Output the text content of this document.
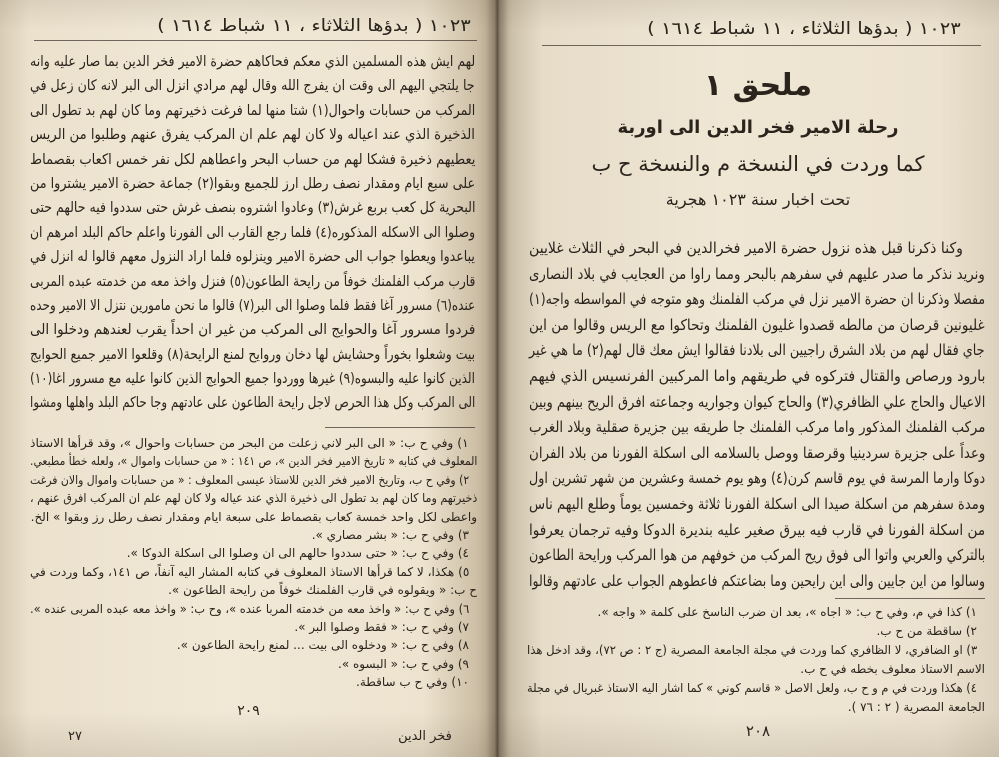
١٠٢٣ ( بدؤها الثلاثاء ، ١١ شباط ١٦١٤ )
لهم ايش هذه المسلمين الذي معكم فحاكاهم حضرة الامير فخر الدين بما صار عليه وانه
جا يلتجي اليهم الى وقت ان يفرج الله وقال لهم مرادي انزل الى البر لانه كان زعل في
المركب من حسابات واحوال(١) شتا منها لما فرغت ذخيرتهم وما كان لهم بد تطول الى
الذخيرة الذي عند اعياله ولا كان لهم علم ان المركب يفرق عنهم وطلبوا من الريس
يعطيهم ذخيرة فشكا لهم من حساب البحر واعطاهم لكل نفر خمس اكعاب بقصماط
على سبع ايام ومقدار نصف رطل ارز للجميع وبقوا(٢) جماعة حضرة الامير يشتروا من
البحرية كل كعب بربع غرش(٣) وعادوا اشتروه بنصف غرش حتى سددوا فيه حالهم حتى
وصلوا الى الاسكله المذكوره(٤) فلما رجع القارب الى الفورنا واعلم حاكم البلد امرهم ان
يباعدوا ويعطوا جواب الى حضرة الامير وينزلوه فلما اراد النزول معهم قالوا له انزل في
قارب مركب الفلمنك خوفاً من رايحة الطاعون(٥) فنزل واخذ معه من خدمته عبده المربى
عنده(٦) مسرور آغا فقط فلما وصلوا الى البر(٧) قالوا ما نحن مامورين نتزل الا الامير وحده
فردوا مسرور آغا والحوايج الى المركب من غير ان احداً يقرب لعندهم ودخلوا الى
بيت وشعلوا بخوراً وحشايش لها دخان وروايح لمنع الرايحة(٨) وقلعوا الامير جميع الحوايج
الذين كانوا عليه والبسوه(٩) غيرها ووردوا جميع الحوايج الذين كانوا عليه مع مسرور اغا(١٠)
الى المركب وكل هذا الحرص لاجل رايحة الطاعون على عادتهم وجا حاكم البلد واهلها ومشوا
١) وفي ح ب: « الى البر لاني زعلت من البحر من حسابات واحوال »، وقد قرأها الاستاذ
المعلوف في كتابه « تاريخ الامير فخر الدين »، ص ١٤١ : « من حسابات واموال »، ولعله خطأ مطبعي.
٢) وفي ح ب، وتاريخ الامير فخر الدين للاستاذ عيسى المعلوف : « من حسابات واموال والان فرغت
ذخيرتهم وما كان لهم بد تطول الى ذخيرة الذي عند عياله ولا كان لهم علم ان المركب افرق عنهم ،
واعطى لكل واحد خمسة كعاب بقصماط على سبعة ايام ومقدار نصف رطل رز وبقوا » الخ.
٣) وفي ح ب: « بشر مصاري ».
٤) وفي ح ب: « حتى سددوا حالهم الى ان وصلوا الى اسكلة الدوكا ».
٥) هكذا، لا كما قرأها الاستاذ المعلوف في كتابه المشار اليه آنفاً، ص ١٤١، وكما وردت في
ح ب: « ويقولوه في قارب الفلمنك خوفاً من رايحة الطاعون ».
٦) وفي ح ب: « واخذ معه من خدمته المربا عنده »، وح ب: « واخذ معه عبده المربى عنده ».
٧) وفي ح ب: « فقط وصلوا البر ».
٨) وفي ح ب: « ودخلوه الى بيت ... لمنع رايحة الطاعون ».
٩) وفي ح ب: « البسوه ».
١٠) وفي ح ب ساقطة.
٢٠٩
فخر الدين
٢٧
١٠٢٣ ( بدؤها الثلاثاء ، ١١ شباط ١٦١٤ )
ملحق ١
رحلة الامير فخر الدين الى اوربة
كما وردت في النسخة م والنسخة ح ب
تحت اخبار سنة ١٠٢٣ هجرية
وكنا ذكرنا قبل هذه نزول حضرة الامير فخرالدين في البحر في الثلاث غلايين
ونريد نذكر ما صدر عليهم في سفرهم بالبحر ومما راوا من العجايب في بلاد النصارى
مفصلا وذكرنا ان حضرة الامير نزل في مركب الفلمنك وهو متوجه في المواسطه واجه(١)
غليونين قرصان من مالطه قصدوا غليون الفلمنك وتحاكوا مع الريس وقالوا من اين
جاي فقال لهم من بلاد الشرق راجيين الى بلادنا فقالوا ايش معك قال لهم(٢) ما هي غير
بارود ورصاص والقتال فتركوه في طريقهم واما المركبين الفرنسيس الذي فيهم
الاعيال والحاج علي الظافري(٣) والحاج كيوان وجواريه وجماعته افرق الريح بينهم وبين
مركب الفلمنك المذكور واما مركب الفلمنك جا طريقه بين جزيرة صقلية وبلاد الغرب
وعداً على جزيرة سردينيا وقرصقا ووصل بالسلامه الى اسكلة الفورنا من بلاد الفران
دوكا وارما المرسة في يوم قاسم كرن(٤) وهو يوم خمسة وعشرين من شهر تشرين اول
ومدة سفرهم من اسكلة صيدا الى اسكلة الفورنا ثلاثة وخمسين يوماً وطلع اليهم ناس
من اسكلة الفورنا في قارب فيه بيرق صغير عليه بنديرة الدوكا وفيه ترجمان يعرفوا
بالتركي والعربي واتوا الى فوق ريح المركب من خوفهم من هوا المركب ورايحة الطاعون
وسالوا من اين جايين والى اين رايحين وما بضاعتكم فاعطوهم الجواب على عادتهم وقالوا
١) كذا في م، وفي ح ب: « اجاه »، بعد ان ضرب الناسخ على كلمة « واجه ».
٢) ساقطة من ح ب.
٣) او الضافري، لا الظافري كما وردت في مجلة الجامعة المصرية (ج ٢ : ص ٧٢)، وقد ادخل هذا
الاسم الاستاذ معلوف بخطه في ح ب.
٤) هكذا وردت في م و ح ب، ولعل الاصل « قاسم كوني » كما اشار اليه الاستاذ غبريال في مجلة
الجامعة المصرية ( ٢ : ٧٦ ).
٢٠٨
